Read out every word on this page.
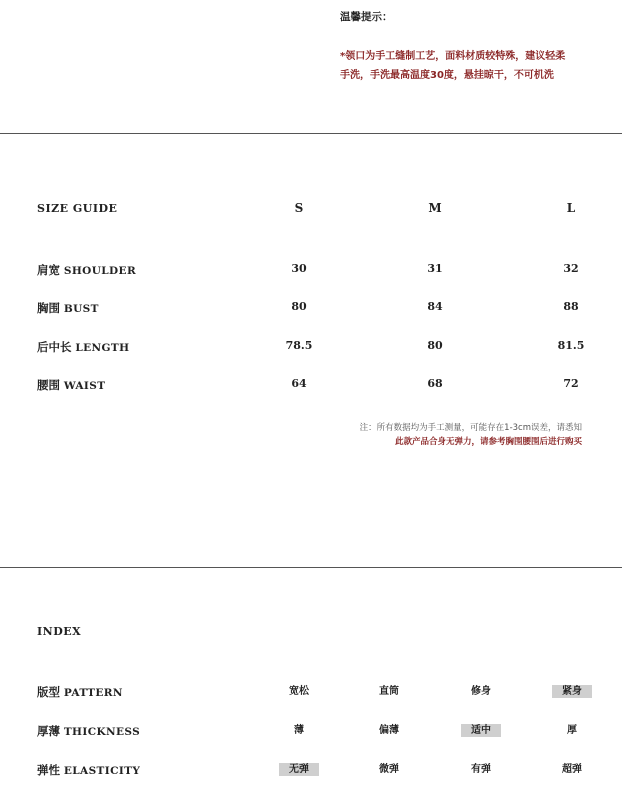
温馨提示：
*领口为手工缝制工艺，面料材质较特殊，建议轻柔
手洗，手洗最高温度30度，悬挂晾干，不可机洗
SIZE GUIDE	S	M	L
肩宽 SHOULDER	30	31	32
胸围 BUST	80	84	88
后中长 LENGTH	78.5	80	81.5
腰围 WAIST	64	68	72
注：所有数据均为手工测量，可能存在1-3cm误差，请悉知
此款产品合身无弹力，请参考胸围腰围后进行购买
INDEX
版型 PATTERN	宽松	直筒	修身	紧身
厚薄 THICKNESS	薄	偏薄	适中	厚
弹性 ELASTICITY	无弹	微弹	有弹	超弹
